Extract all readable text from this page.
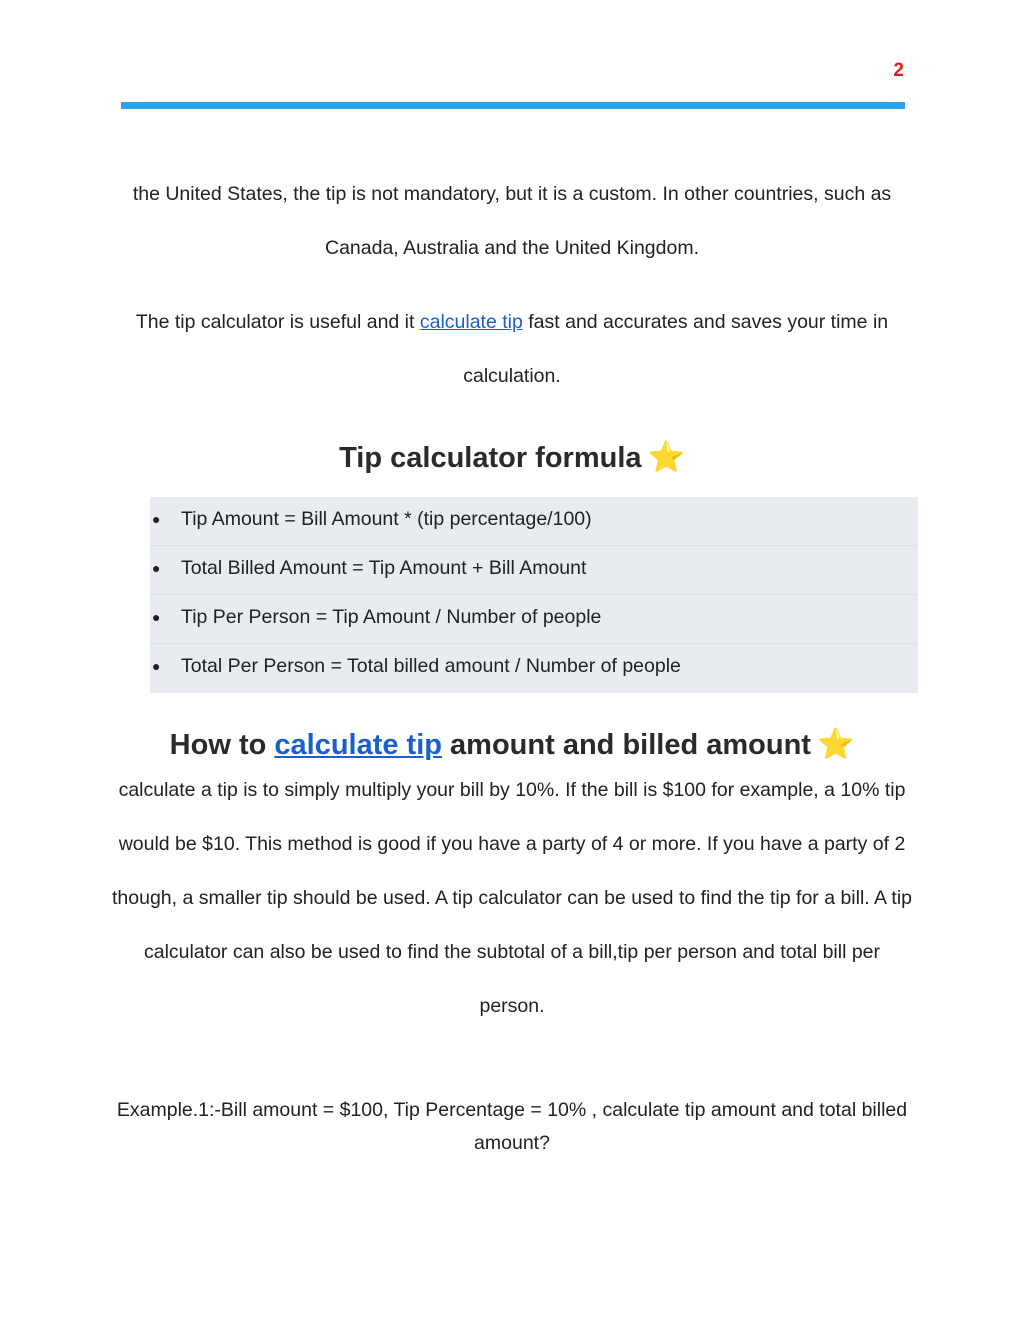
2

the United States, the tip is not mandatory, but it is a custom. In other countries, such as Canada, Australia and the United Kingdom.

The tip calculator is useful and it calculate tip fast and accurates and saves your time in calculation.

Tip calculator formula ⭐
● Tip Amount = Bill Amount * (tip percentage/100)
● Total Billed Amount = Tip Amount + Bill Amount
● Tip Per Person = Tip Amount / Number of people
● Total Per Person = Total billed amount / Number of people
How to calculate tip amount and billed amount ⭐

calculate a tip is to simply multiply your bill by 10%. If the bill is $100 for example, a 10% tip would be $10. This method is good if you have a party of 4 or more. If you have a party of 2 though, a smaller tip should be used. A tip calculator can be used to find the tip for a bill. A tip calculator can also be used to find the subtotal of a bill,tip per person and total bill per person.

Example.1:-Bill amount = $100, Tip Percentage = 10% , calculate tip amount and total billed amount?
